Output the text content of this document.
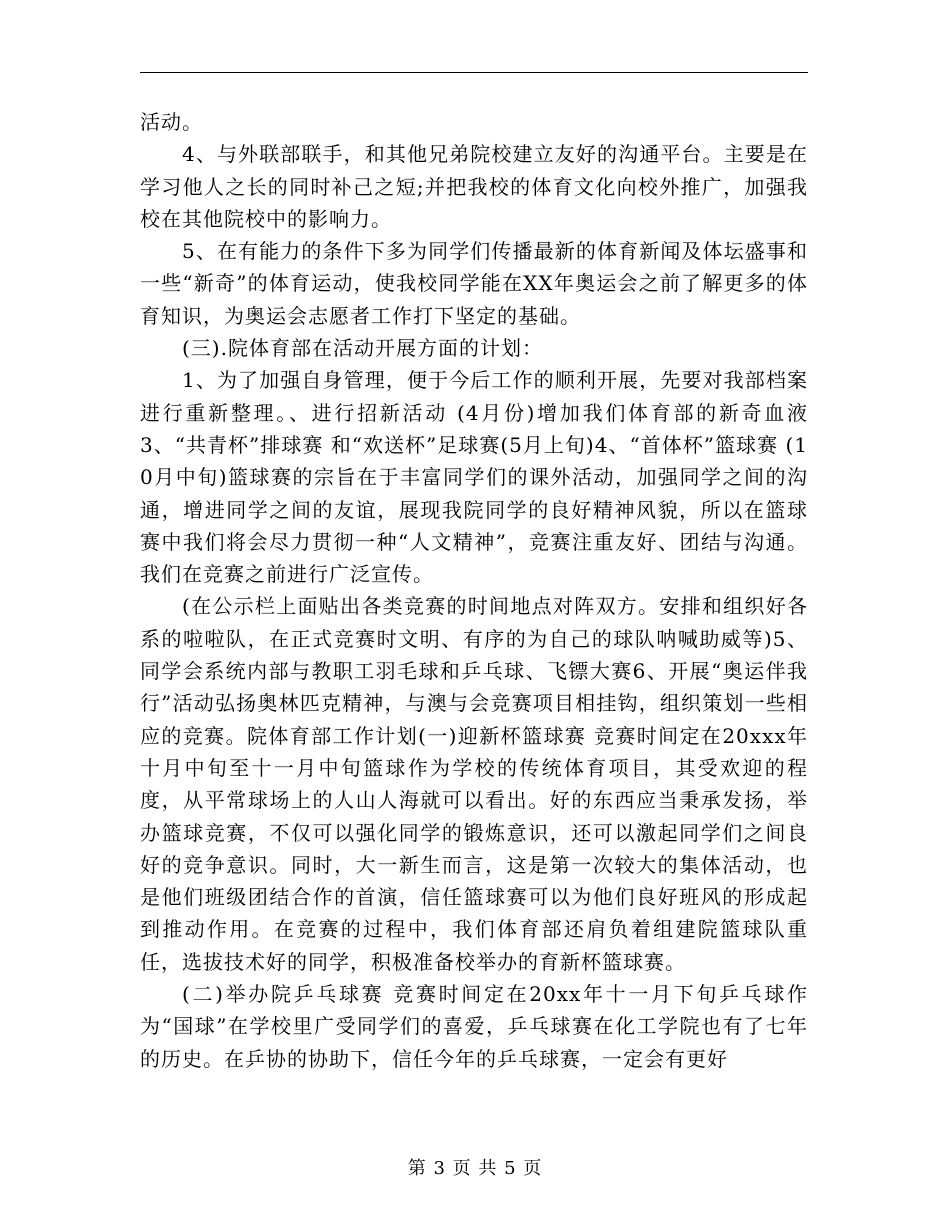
活动。

4、与外联部联手，和其他兄弟院校建立友好的沟通平台。主要是在学习他人之长的同时补己之短;并把我校的体育文化向校外推广，加强我校在其他院校中的影响力。

5、在有能力的条件下多为同学们传播最新的体育新闻及体坛盛事和一些“新奇”的体育运动，使我校同学能在XX年奥运会之前了解更多的体育知识，为奥运会志愿者工作打下坚定的基础。

(三).院体育部在活动开展方面的计划：

1、为了加强自身管理，便于今后工作的顺利开展，先要对我部档案进行重新整理。、进行招新活动 (4月份)增加我们体育部的新奇血液3、“共青杯”排球赛 和“欢送杯”足球赛(5月上旬)4、“首体杯”篮球赛 (10月中旬)篮球赛的宗旨在于丰富同学们的课外活动，加强同学之间的沟通，增进同学之间的友谊，展现我院同学的良好精神风貌，所以在篮球赛中我们将会尽力贯彻一种“人文精神”，竞赛注重友好、团结与沟通。我们在竞赛之前进行广泛宣传。

(在公示栏上面贴出各类竞赛的时间地点对阵双方。安排和组织好各系的啦啦队，在正式竞赛时文明、有序的为自己的球队呐喊助威等)5、同学会系统内部与教职工羽毛球和乒乓球、飞镖大赛6、开展“奥运伴我行”活动弘扬奥林匹克精神，与澳与会竞赛项目相挂钩，组织策划一些相应的竞赛。院体育部工作计划(一)迎新杯篮球赛 竞赛时间定在20xxx年十月中旬至十一月中旬篮球作为学校的传统体育项目，其受欢迎的程度，从平常球场上的人山人海就可以看出。好的东西应当秉承发扬，举办篮球竞赛，不仅可以强化同学的锻炼意识，还可以激起同学们之间良好的竞争意识。同时，大一新生而言，这是第一次较大的集体活动，也是他们班级团结合作的首演，信任篮球赛可以为他们良好班风的形成起到推动作用。在竞赛的过程中，我们体育部还肩负着组建院篮球队重任，选拔技术好的同学，积极准备校举办的育新杯篮球赛。

(二)举办院乒乓球赛 竞赛时间定在20xx年十一月下旬乒乓球作为“国球”在学校里广受同学们的喜爱，乒乓球赛在化工学院也有了七年的历史。在乒协的协助下，信任今年的乒乓球赛，一定会有更好

第 3 页 共 5 页
